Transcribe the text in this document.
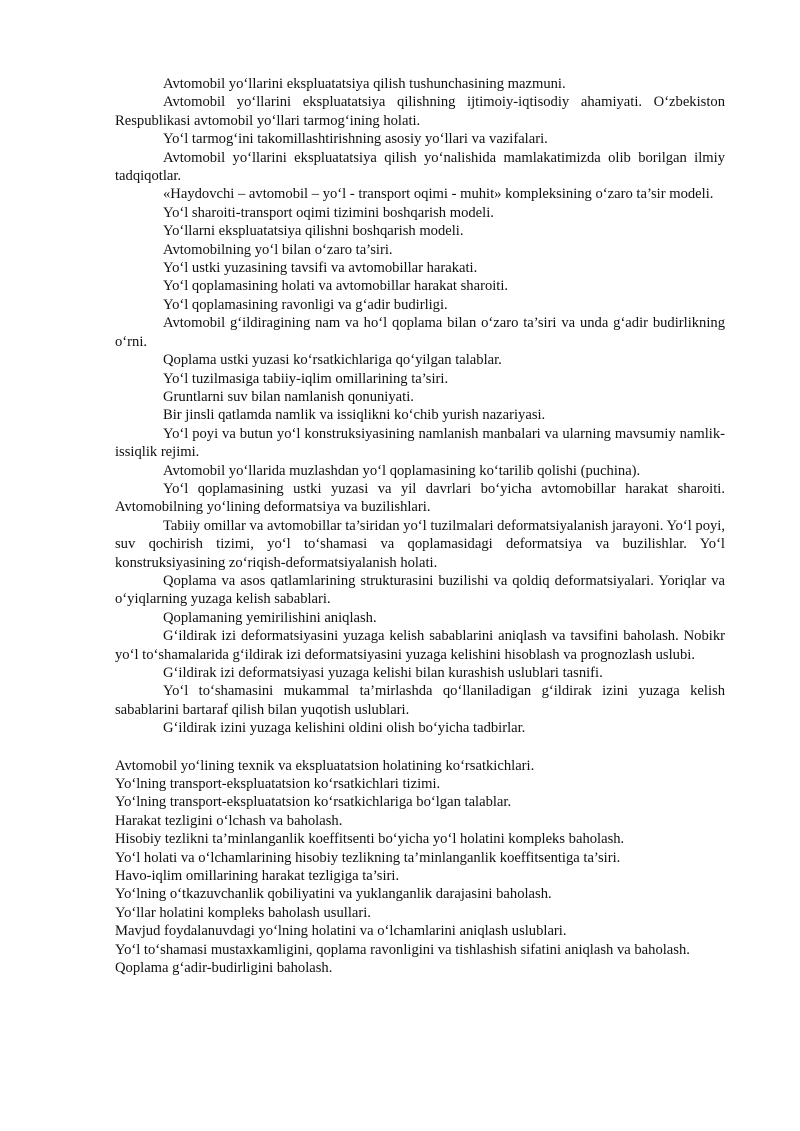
Avtomobil yo‘llarini ekspluatatsiya qilish tushunchasining mazmuni.

Avtomobil yo‘llarini ekspluatatsiya qilishning ijtimoiy-iqtisodiy ahamiyati. O‘zbekiston Respublikasi avtomobil yo‘llari tarmog‘ining holati.

Yo‘l tarmog‘ini takomillashtirishning asosiy yo‘llari va vazifalari.

Avtomobil yo‘llarini ekspluatatsiya qilish yo‘nalishida mamlakatimizda olib borilgan ilmiy tadqiqotlar.

«Haydovchi – avtomobil – yo‘l - transport oqimi - muhit» kompleksining o‘zaro ta’sir modeli.

Yo‘l sharoiti-transport oqimi tizimini boshqarish modeli.

Yo‘llarni ekspluatatsiya qilishni boshqarish modeli.

Avtomobilning yo‘l bilan o‘zaro ta’siri.

Yo‘l ustki yuzasining tavsifi va avtomobillar harakati.

Yo‘l qoplamasining holati va avtomobillar harakat sharoiti.

Yo‘l qoplamasining ravonligi va g‘adir budirligi.

Avtomobil g‘ildiragining nam va ho‘l qoplama bilan o‘zaro ta’siri va unda g‘adir budirlikning o‘rni.

Qoplama ustki yuzasi ko‘rsatkichlariga qo‘yilgan talablar.

Yo‘l tuzilmasiga tabiiy-iqlim omillarining ta’siri.

Gruntlarni suv bilan namlanish qonuniyati.

Bir jinsli qatlamda namlik va issiqlikni ko‘chib yurish nazariyasi.

Yo‘l poyi va butun yo‘l konstruksiyasining namlanish manbalari va ularning mavsumiy namlik-issiqlik rejimi.

Avtomobil yo‘llarida muzlashdan yo‘l qoplamasining ko‘tarilib qolishi (puchina).

Yo‘l qoplamasining ustki yuzasi va yil davrlari bo‘yicha avtomobillar harakat sharoiti. Avtomobilning yo‘lining deformatsiya va buzilishlari.

Tabiiy omillar va avtomobillar ta’siridan yo‘l tuzilmalari deformatsiyalanish jarayoni. Yo‘l poyi, suv qochirish tizimi, yo‘l to‘shamasi va qoplamasidagi deformatsiya va buzilishlar. Yo‘l konstruksiyasining zo‘riqish-deformatsiyalanish holati.

Qoplama va asos qatlamlarining strukturasini buzilishi va qoldiq deformatsiyalari. Yoriqlar va o‘yiqlarning yuzaga kelish sabablari.

Qoplamaning yemirilishini aniqlash.

G‘ildirak izi deformatsiyasini yuzaga kelish sabablarini aniqlash va tavsifini baholash. Nobikr yo‘l to‘shamalarida g‘ildirak izi deformatsiyasini yuzaga kelishini hisoblash va prognozlash uslubi.

G‘ildirak izi deformatsiyasi yuzaga kelishi bilan kurashish uslublari tasnifi.

Yo‘l to‘shamasini mukammal ta’mirlashda qo‘llaniladigan g‘ildirak izini yuzaga kelish sabablarini bartaraf qilish bilan yuqotish uslublari.

G‘ildirak izini yuzaga kelishini oldini olish bo‘yicha tadbirlar.

Avtomobil yo‘lining texnik va ekspluatatsion holatining ko‘rsatkichlari.

Yo‘lning transport-ekspluatatsion ko‘rsatkichlari tizimi.

Yo‘lning transport-ekspluatatsion ko‘rsatkichlariga bo‘lgan talablar.

Harakat tezligini o‘lchash va baholash.

Hisobiy tezlikni ta’minlanganlik koeffitsenti bo‘yicha yo‘l holatini kompleks baholash.

Yo‘l holati va o‘lchamlarining hisobiy tezlikning ta’minlanganlik koeffitsentiga ta’siri.

Havo-iqlim omillarining harakat tezligiga ta’siri.

Yo‘lning o‘tkazuvchanlik qobiliyatini va yuklanganlik darajasini baholash.

Yo‘llar holatini kompleks baholash usullari.

Mavjud foydalanuvdagi yo‘lning holatini va o‘lchamlarini aniqlash uslublari.

Yo‘l to‘shamasi mustaxkamligini, qoplama ravonligini va tishlashish sifatini aniqlash va baholash.

Qoplama g‘adir-budirligini baholash.
